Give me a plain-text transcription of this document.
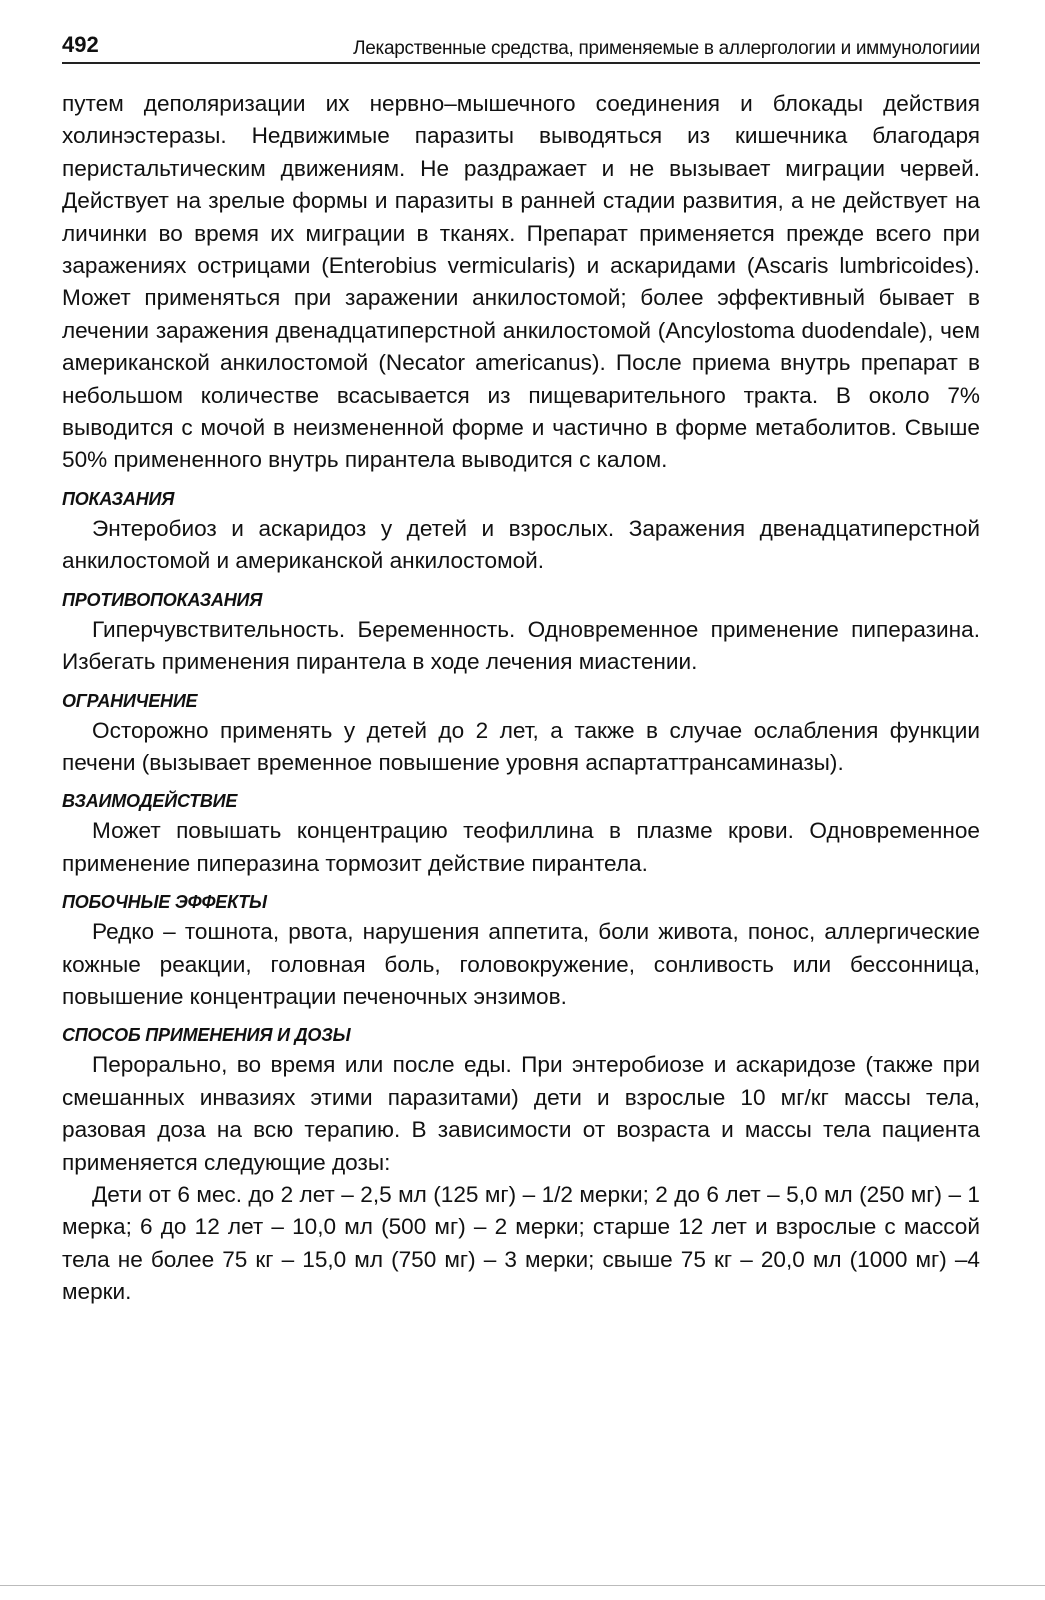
492	Лекарственные средства, применяемые в аллергологии и иммунологиии

путем деполяризации их нервно–мышечного соединения и блокады действия холинэстеразы. Недвижимые паразиты выводяться из кишечника благодаря перистальтическим движениям. Не раздражает и не вызывает миграции червей. Действует на зрелые формы и паразиты в ранней стадии развития, а не действует на личинки во время их миграции в тканях. Препарат применяется прежде всего при заражениях острицами (Enterobius vermicularis) и аскаридами (Ascaris lumbricoides). Может применяться при заражении анкилостомой; более эффективный бывает в лечении заражения двенадцатиперстной анкилостомой (Ancylostoma duodendale), чем американской анкилостомой (Necator americanus). После приема внутрь препарат в небольшом количестве всасывается из пищеварительного тракта. В около 7% выводится с мочой в неизмененной форме и частично в форме метаболитов. Свыше 50% примененного внутрь пирантела выводится с калом.

ПОКАЗАНИЯ

Энтеробиоз и аскаридоз у детей и взрослых. Заражения двенадцатиперстной анкилостомой и американской анкилостомой.

ПРОТИВОПОКАЗАНИЯ

Гиперчувствительность. Беременность. Одновременное применение пиперазина. Избегать применения пирантела в ходе лечения миастении.

ОГРАНИЧЕНИЕ

Осторожно применять у детей до 2 лет, а также в случае ослабления функции печени (вызывает временное повышение уровня аспартаттрансаминазы).

ВЗАИМОДЕЙСТВИЕ

Может повышать концентрацию теофиллина в плазме крови. Одновременное применение пиперазина тормозит действие пирантела.

ПОБОЧНЫЕ ЭФФЕКТЫ

Редко – тошнота, рвота, нарушения аппетита, боли живота, понос, аллергические кожные реакции, головная боль, головокружение, сонливость или бессонница, повышение концентрации печеночных энзимов.

СПОСОБ ПРИМЕНЕНИЯ И ДОЗЫ

Перорально, во время или после еды. При энтеробиозе и аскаридозе (также при смешанных инвазиях этими паразитами) дети и взрослые 10 мг/кг массы тела, разовая доза на всю терапию. В зависимости от возраста и массы тела пациента применяется следующие дозы:

Дети от 6 мес. до 2 лет – 2,5 мл (125 мг) – 1/2 мерки; 2 до 6 лет – 5,0 мл (250 мг) – 1 мерка; 6 до 12 лет – 10,0 мл (500 мг) – 2 мерки; старше 12 лет и взрослые с массой тела не более 75 кг – 15,0 мл (750 мг) – 3 мерки; свыше 75 кг – 20,0 мл (1000 мг) –4 мерки.
